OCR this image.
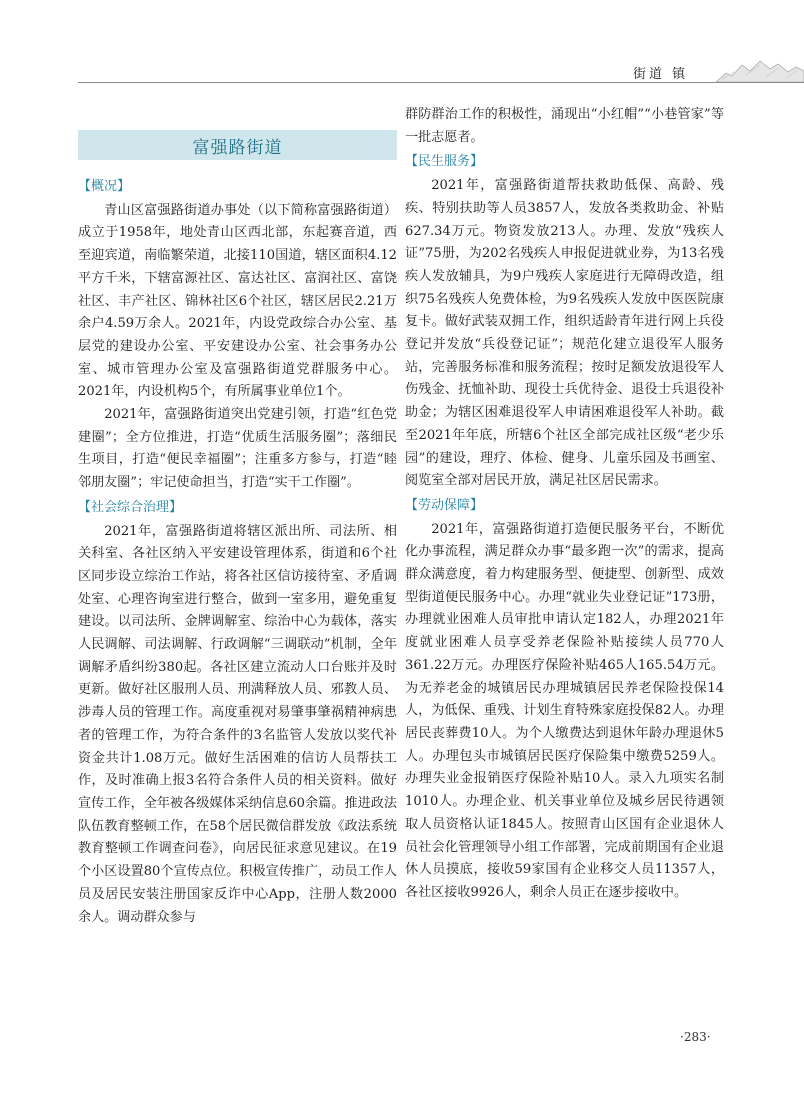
街道 镇
富强路街道
【概况】

青山区富强路街道办事处（以下简称富强路街道）成立于1958年，地处青山区西北部，东起赛音道，西至迎宾道，南临繁荣道，北接110国道，辖区面积4.12平方千米，下辖富源社区、富达社区、富润社区、富饶社区、丰产社区、锦林社区6个社区，辖区居民2.21万余户4.59万余人。2021年，内设党政综合办公室、基层党的建设办公室、平安建设办公室、社会事务办公室、城市管理办公室及富强路街道党群服务中心。2021年，内设机构5个，有所属事业单位1个。

2021年，富强路街道突出党建引领，打造“红色党建圈”；全方位推进，打造“优质生活服务圈”；落细民生项目，打造“便民幸福圈”；注重多方参与，打造“睦邻朋友圈”；牢记使命担当，打造“实干工作圈”。

【社会综合治理】

2021年，富强路街道将辖区派出所、司法所、相关科室、各社区纳入平安建设管理体系，街道和6个社区同步设立综治工作站，将各社区信访接待室、矛盾调处室、心理咨询室进行整合，做到一室多用，避免重复建设。以司法所、金牌调解室、综治中心为载体，落实人民调解、司法调解、行政调解“三调联动”机制，全年调解矛盾纠纷380起。各社区建立流动人口台账并及时更新。做好社区服刑人员、刑满释放人员、邪教人员、涉毒人员的管理工作。高度重视对易肇事肇祸精神病患者的管理工作，为符合条件的3名监管人发放以奖代补资金共计1.08万元。做好生活困难的信访人员帮扶工作，及时准确上报3名符合条件人员的相关资料。做好宣传工作，全年被各级媒体采纳信息60余篇。推进政法队伍教育整顿工作，在58个居民微信群发放《政法系统教育整顿工作调查问卷》，向居民征求意见建议。在19个小区设置80个宣传点位。积极宣传推广，动员工作人员及居民安装注册国家反诈中心App，注册人数2000余人。调动群众参与

群防群治工作的积极性，涌现出“小红帽”“小巷管家”等一批志愿者。

【民生服务】

2021年，富强路街道帮扶救助低保、高龄、残疾、特别扶助等人员3857人，发放各类救助金、补贴627.34万元。物资发放213人。办理、发放“残疾人证”75册，为202名残疾人申报促进就业券，为13名残疾人发放辅具，为9户残疾人家庭进行无障碍改造，组织75名残疾人免费体检，为9名残疾人发放中医医院康复卡。做好武装双拥工作，组织适龄青年进行网上兵役登记并发放“兵役登记证”；规范化建立退役军人服务站，完善服务标准和服务流程；按时足额发放退役军人伤残金、抚恤补助、现役士兵优待金、退役士兵退役补助金；为辖区困难退役军人申请困难退役军人补助。截至2021年年底，所辖6个社区全部完成社区级“老少乐园”的建设，理疗、体检、健身、儿童乐园及书画室、阅览室全部对居民开放，满足社区居民需求。

【劳动保障】

2021年，富强路街道打造便民服务平台，不断优化办事流程，满足群众办事“最多跑一次”的需求，提高群众满意度，着力构建服务型、便捷型、创新型、成效型街道便民服务中心。办理“就业失业登记证”173册，办理就业困难人员审批申请认定182人，办理2021年度就业困难人员享受养老保险补贴接续人员770人361.22万元。办理医疗保险补贴465人165.54万元。为无养老金的城镇居民办理城镇居民养老保险投保14人，为低保、重残、计划生育特殊家庭投保82人。办理居民丧葬费10人。为个人缴费达到退休年龄办理退休5人。办理包头市城镇居民医疗保险集中缴费5259人。办理失业金报销医疗保险补贴10人。录入九项实名制1010人。办理企业、机关事业单位及城乡居民待遇领取人员资格认证1845人。按照青山区国有企业退休人员社会化管理领导小组工作部署，完成前期国有企业退休人员摸底，接收59家国有企业移交人员11357人，各社区接收9926人，剩余人员正在逐步接收中。

·283·
